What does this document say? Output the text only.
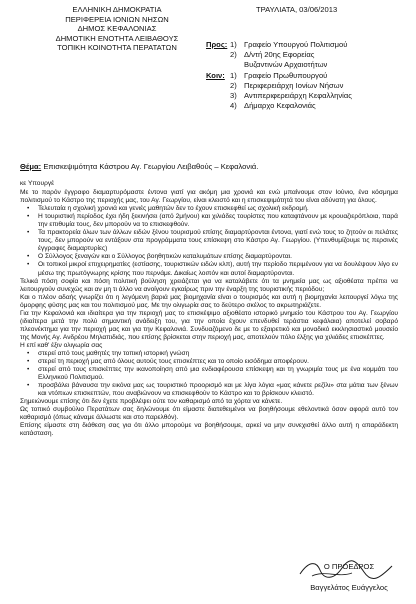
ΕΛΛΗΝΙΚΗ ΔΗΜΟΚΡΑΤΙΑ
ΠΕΡΙΦΕΡΕΙΑ ΙΟΝΙΩΝ ΝΗΣΩΝ
ΔΗΜΟΣ ΚΕΦΑΛΟΝΙΑΣ
ΔΗΜΟΤΙΚΗ ΕΝΟΤΗΤΑ ΛΕΙΒΑΘΟΥΣ
ΤΟΠΙΚΗ ΚΟΙΝΟΤΗΤΑ ΠΕΡΑΤΑΤΩΝ
ΤΡΑΥΛΙΑΤΑ, 03/06/2013
Προς: 1) Γραφείο Υπουργού Πολιτισμού
2) Δ/ντή 20ης Εφορείας
Βυζαντινών Αρχαιοτήτων
Κοιν: 1) Γραφείο Πρωθυπουργού
2) Περιφερειάρχη Ιονίων Νήσων
3) Αντιπεριφερειάρχη Κεφαλληνίας
4) Δήμαρχο Κεφαλονιάς
Θέμα: Επισκεψιμότητα Κάστρου Αγ. Γεωργίου Λειβαθούς – Κεφαλονιά.

κε Υπουργέ

Με το παρόν έγγραφο διαμαρτυρόμαστε έντονα γιατί για ακόμη μια χρονιά και ενώ μπαίνουμε στον Ιούνιο, ένα κόσμημα πολιτισμού το Κάστρο της περιοχής μας, του Αγ. Γεωργίου, είναι κλειστό και η επισκεψιμότητά του είναι αδύνατη για όλους.

• Τελευταία η σχολική χρονιά και γενιές μαθητών δεν το έχουν επισκεφθεί ως σχολική εκδρομή.
• Η τουριστική περίοδος έχει ήδη ξεκινήσει (από 2μήνου) και χιλιάδες τουρίστες που καταφτάνουν με κρουαζιερόπλοια, παρά την επιθυμία τους, δεν μπορούν να το επισκεφθούν.
• Τα πρακτορεία όλων των άλλων ειδών ξένου τουρισμού επίσης διαμαρτύρονται έντονα, γιατί ενώ τους το ζητούν οι πελάτες τους, δεν μπορούν να εντάξουν στα προγράμματα τους επίσκεψη στο Κάστρο Αγ. Γεωργίου. (Υπενθυμίζουμε τις περσινές έγγραφες διαμαρτυρίες)
• Ο Σύλλογος ξεναγών και ο Σύλλογος βοηθητικών καταλυμάτων επίσης διαμαρτύρονται.
• Οι τοπικοί μικροί επιχειρηματίες (εστίασης, τουριστικών ειδών κλπ), αυτή την περίοδο περιμένουν για να δουλέψουν λίγο εν μέσω της πρωτόγνωρης κρίσης που περνάμε. Δικαίως λοιπόν και αυτοί διαμαρτύρονται.

Τελικά πόση σοφία και πόση πολιτική βούληση χρειάζεται για να καταλάβετε ότι τα μνημεία μας ως αξιοθέατα πρέπει να λειτουργούν συνεχώς και αν μη τι άλλο να ανοίγουν εγκαίρως πριν την έναρξη της τουριστικής περιόδου;

Και ο πλέον αδαής γνωρίζει ότι η λεγόμενη βαριά μας βιομηχανία είναι ο τουρισμός και αυτή η βιομηχανία λειτουργεί λόγω της όμορφης φύσης μας και του πολιτισμού μας. Με την ολιγωρία σας το δεύτερο σκέλος το ακρωτηριάζετε.

Για την Κεφαλονιά και ιδιαίτερα για την περιοχή μας το επισκέψιμο αξιοθέατο ιστορικό μνημείο του Κάστρου του Αγ. Γεωργίου (ιδιαίτερα μετά την πολύ σημαντική ανάδειξη του, για την οποία έχουν επενδυθεί τεράστια κεφάλαια) αποτελεί σοβαρό πλεονέκτημα για την περιοχή μας και για την Κεφαλονιά. Συνδυαζόμενο δε με το εξαιρετικό και μοναδικό εκκλησιαστικό μουσείο της Μονής Αγ. Ανδρέου Μηλαπιδιάς, που επίσης βρίσκεται στην περιοχή μας, αποτελούν πόλο έλξης για χιλιάδες επισκέπτες.

Η επί καθ' έξιν ολιγωρία σας

• στερεί από τους μαθητές την τοπική ιστορική γνώση
• στερεί τη περιοχή μας από όλους αυτούς τους επισκέπτες και το οποίο εισόδημα αποφέρουν.
• στερεί από τους επισκέπτες την ικανοποίηση από μια ενδιαφέρουσα επίσκεψη και τη γνωριμία τους με ένα κομμάτι του Ελληνικού Πολιτισμού.
• προσβάλει βάναυσα την εικόνα μας ως τουριστικό προορισμό και με λίγα λόγια «μας κάνετε ρεζίλι» στα μάτια των ξένων και ντόπιων επισκεπτών, που αναβιώνουν να επισκεφθούν το Κάστρο και το βρίσκουν κλειστό.

Σημειώνουμε επίσης ότι δεν έχετε προβλέψει ούτε τον καθαρισμό από τα χόρτα να κάνετε.

Ως τοπικό συμβούλιο Περατάτων σας δηλώνουμε ότι είμαστε διατεθειμένοι να βοηθήσουμε εθελοντικά όσον αφορά αυτό τον καθαρισμό (όπως κάναμε άλλωστε και στο παρελθόν).

Επίσης είμαστε στη διάθεση σας για ότι άλλο μπορούμε να βοηθήσουμε, αρκεί να μην συνεχισθεί άλλο αυτή η απαράδεκτη κατάσταση.

Ο ΠΡΟΕΔΡΟΣ
Βαγγελάτος Ευάγγελος
